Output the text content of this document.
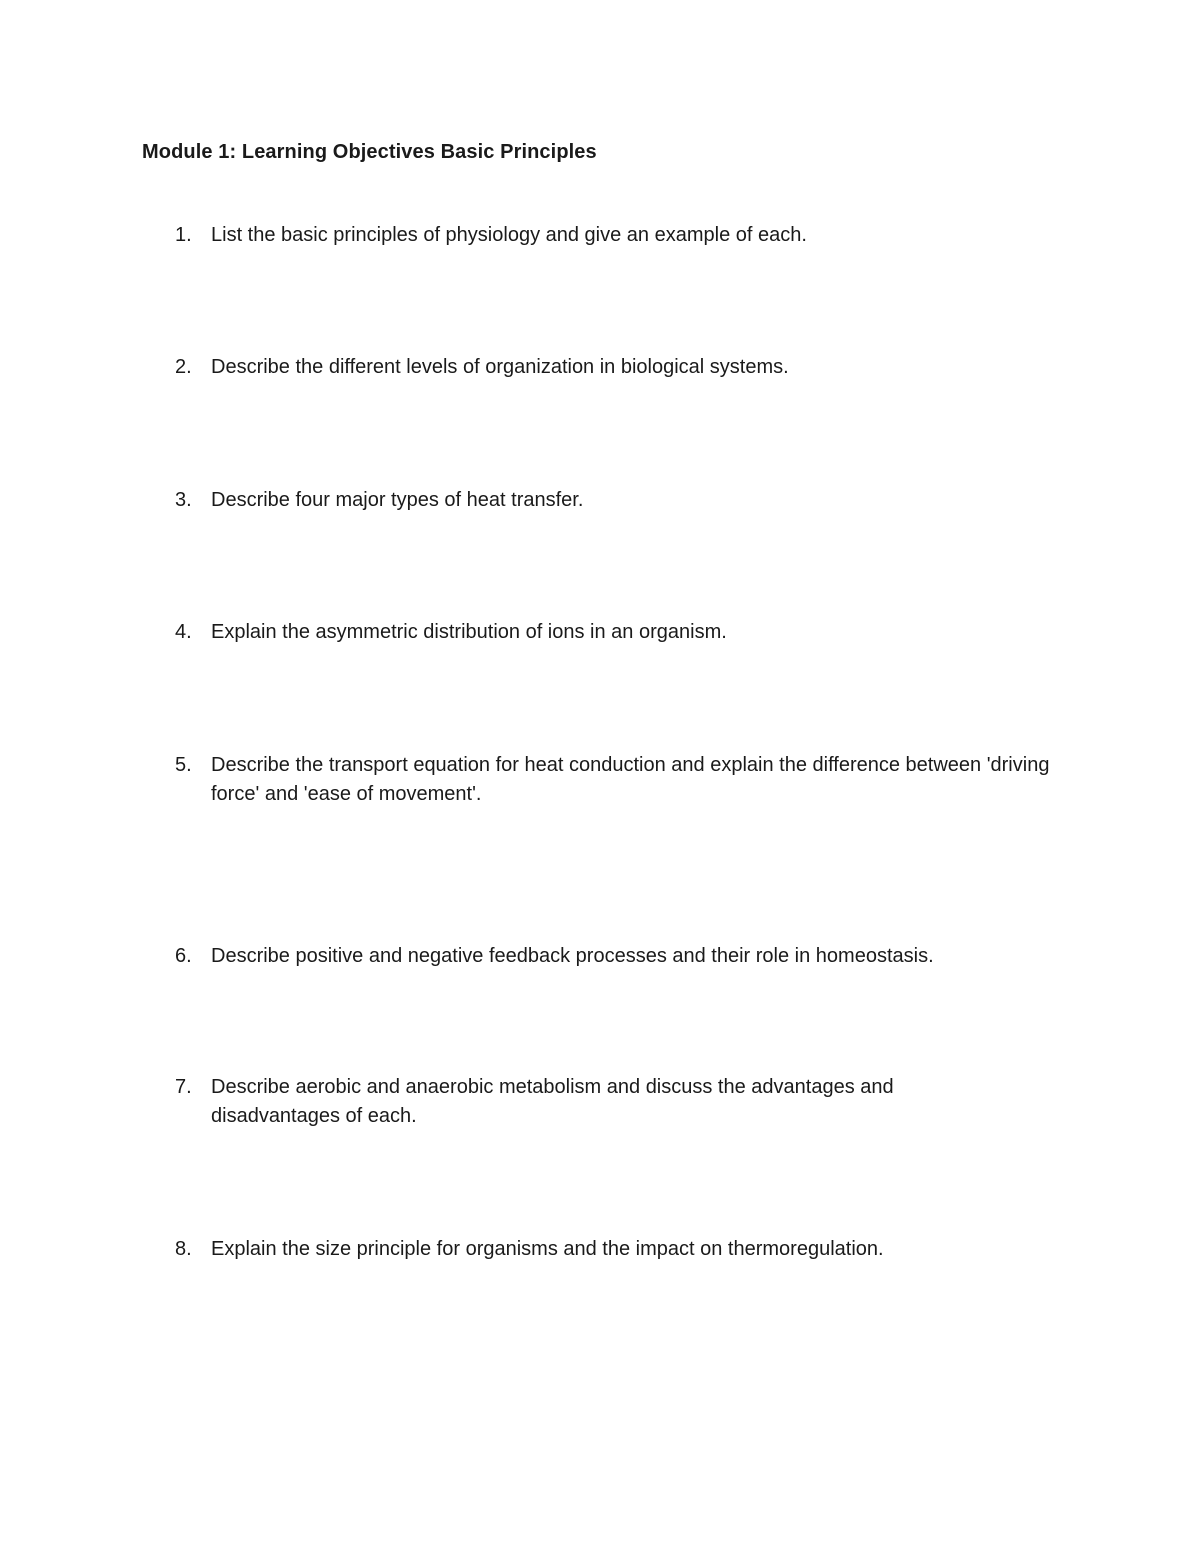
Module 1: Learning Objectives Basic Principles
1. List the basic principles of physiology and give an example of each.
2. Describe the different levels of organization in biological systems.
3. Describe four major types of heat transfer.
4. Explain the asymmetric distribution of ions in an organism.
5. Describe the transport equation for heat conduction and explain the difference between 'driving force' and 'ease of movement'.
6. Describe positive and negative feedback processes and their role in homeostasis.
7. Describe aerobic and anaerobic metabolism and discuss the advantages and disadvantages of each.
8. Explain the size principle for organisms and the impact on thermoregulation.
